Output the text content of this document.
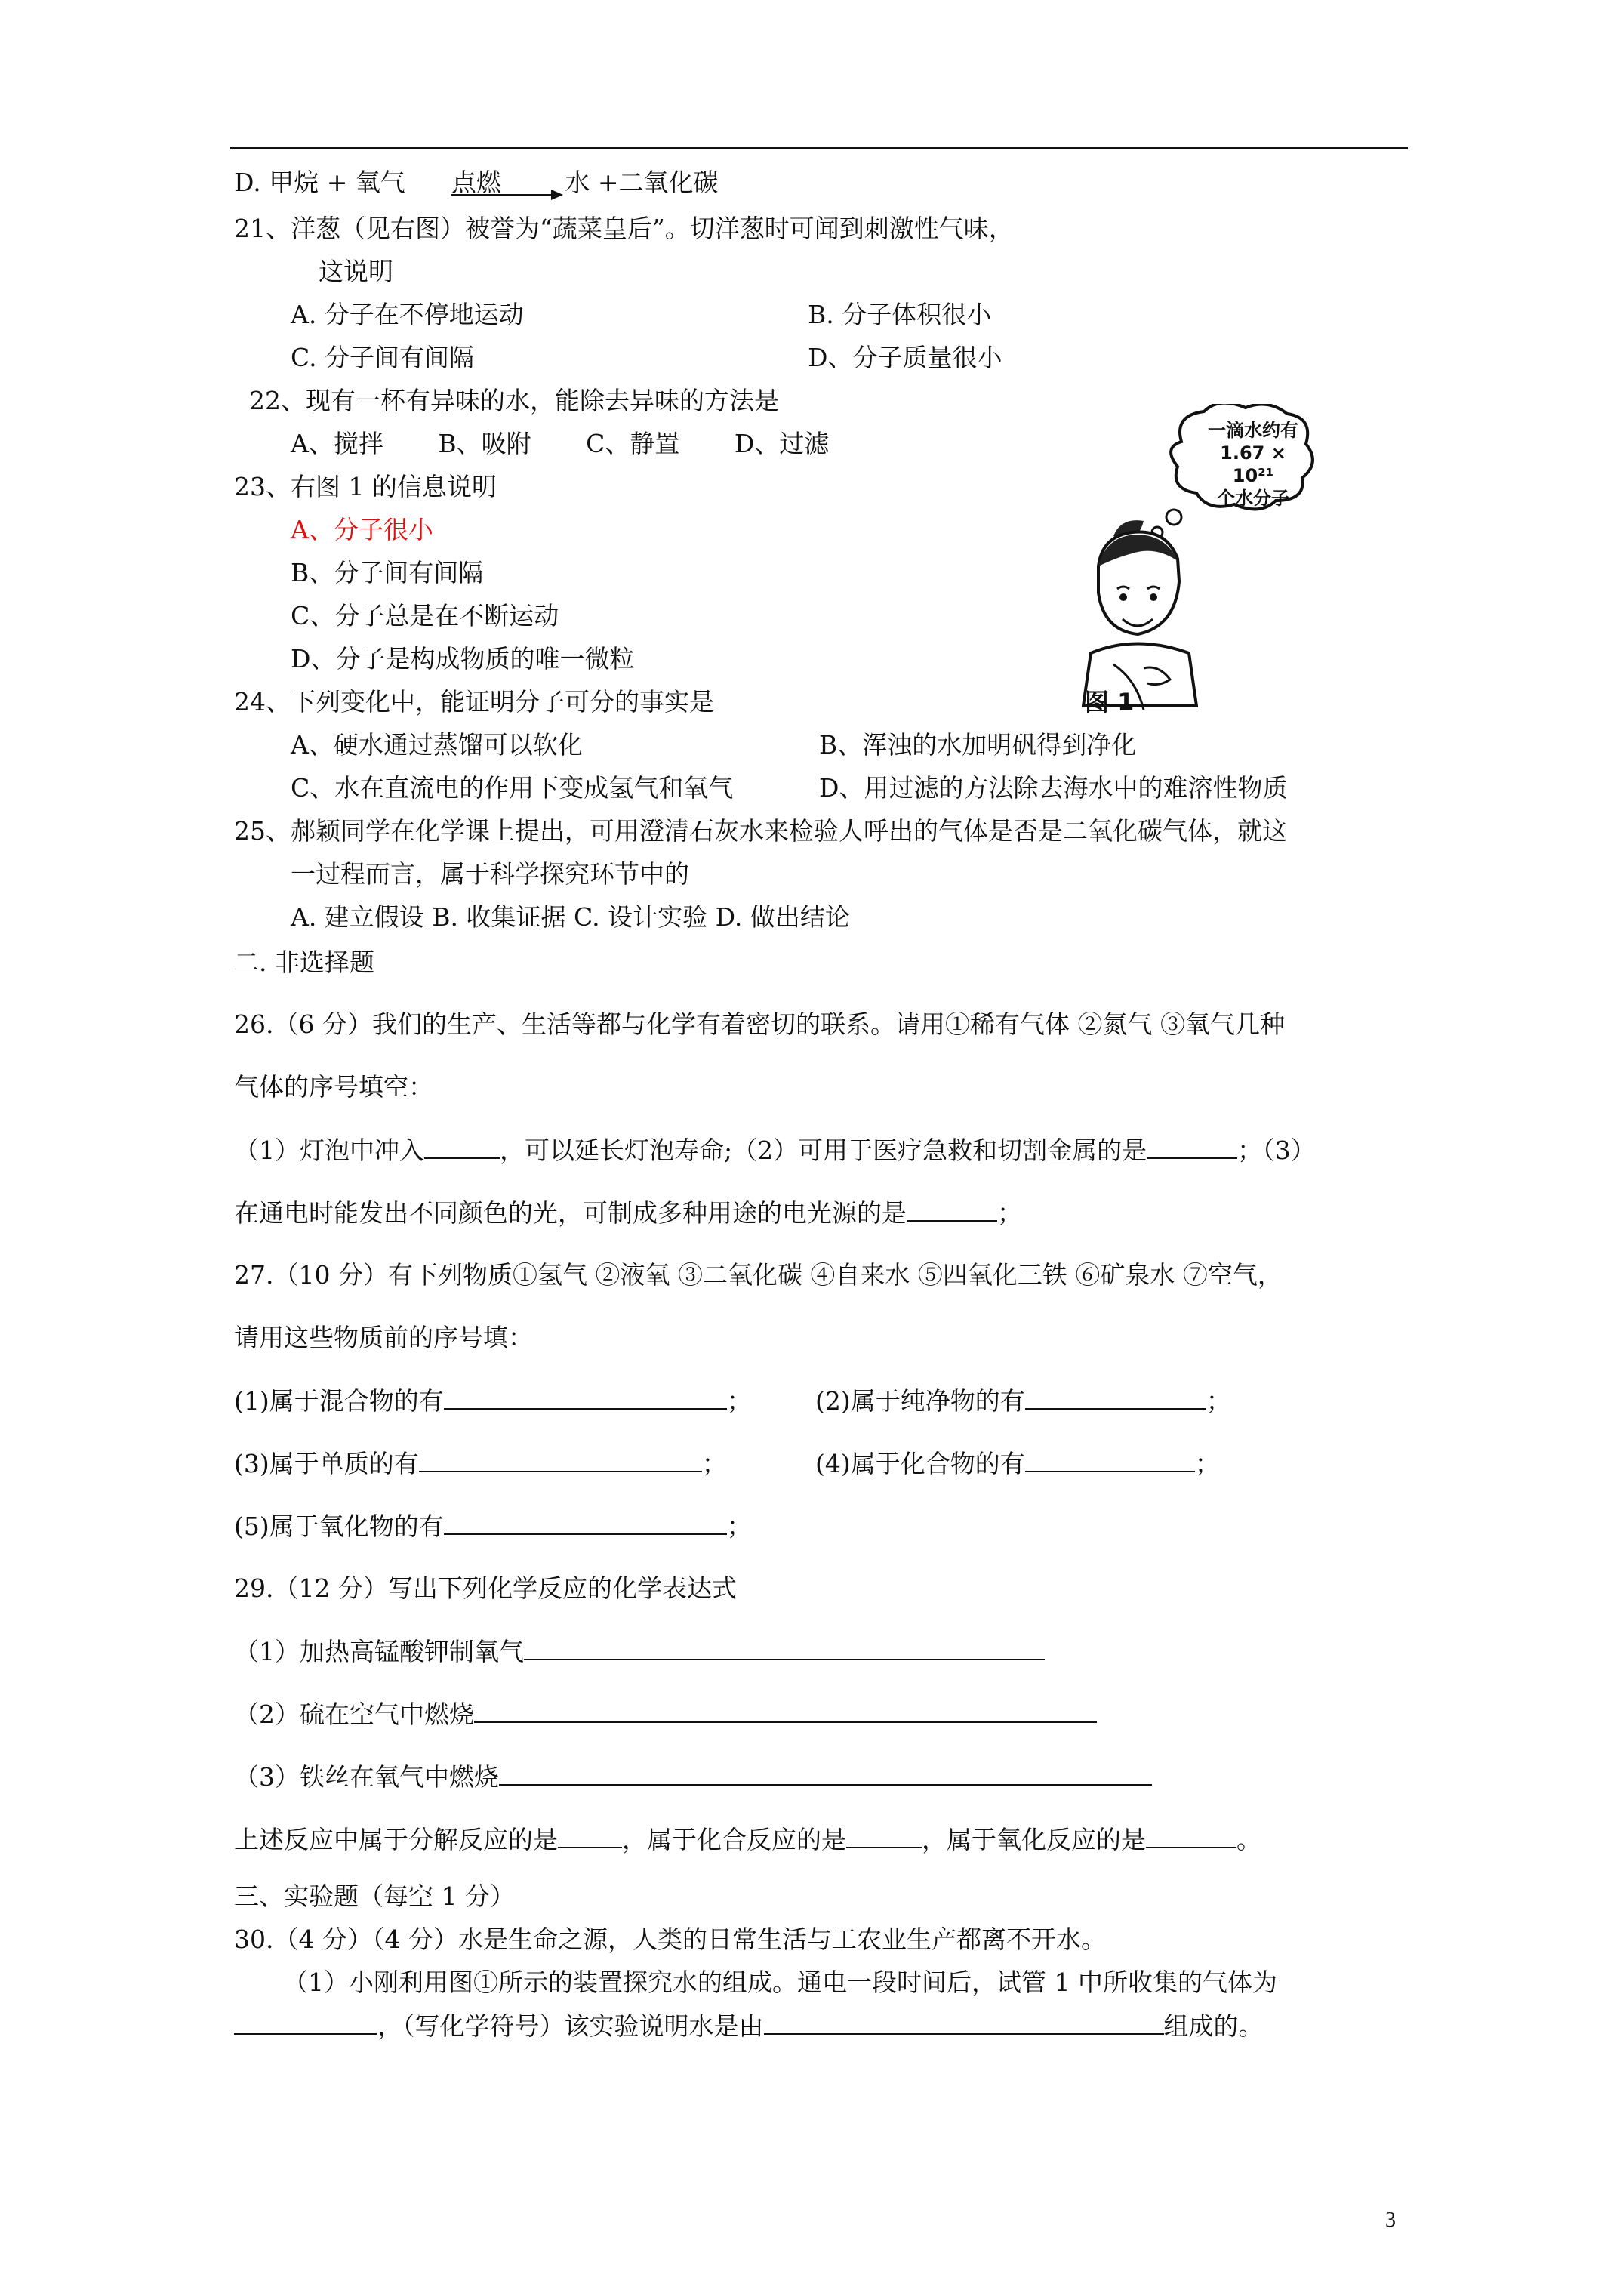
D. 甲烷 + 氧气 点燃	水 +二氧化碳
21、洋葱（见右图）被誉为“蔬菜皇后”。切洋葱时可闻到刺激性气味，
这说明
A. 分子在不停地运动	B. 分子体积很小
C. 分子间有间隔	D、分子质量很小
22、现有一杯有异味的水，能除去异味的方法是
A、搅拌 B、吸附 C、静置 D、过滤
23、右图 1 的信息说明
A、分子很小
B、分子间有间隔
C、分子总是在不断运动
D、分子是构成物质的唯一微粒
一滴水约有
1.67 × 10²¹
个水分子
图 1
24、下列变化中，能证明分子可分的事实是
A、硬水通过蒸馏可以软化	B、浑浊的水加明矾得到净化
C、水在直流电的作用下变成氢气和氧气	D、用过滤的方法除去海水中的难溶性物质
25、郝颖同学在化学课上提出，可用澄清石灰水来检验人呼出的气体是否是二氧化碳气体，就这
一过程而言，属于科学探究环节中的
A. 建立假设 B. 收集证据 C. 设计实验 D. 做出结论
二. 非选择题
26.（6 分）我们的生产、生活等都与化学有着密切的联系。请用①稀有气体 ②氮气 ③氧气几种
气体的序号填空：
（1）灯泡中冲入	，可以延长灯泡寿命;（2）可用于医疗急救和切割金属的是	；（3）
在通电时能发出不同颜色的光，可制成多种用途的电光源的是	；
27.（10 分）有下列物质①氢气 ②液氧 ③二氧化碳 ④自来水 ⑤四氧化三铁 ⑥矿泉水 ⑦空气，
请用这些物质前的序号填：
(1)属于混合物的有	；	(2)属于纯净物的有	；
(3)属于单质的有	；	(4)属于化合物的有	；
(5)属于氧化物的有	；
29.（12 分）写出下列化学反应的化学表达式
（1）加热高锰酸钾制氧气
（2）硫在空气中燃烧
（3）铁丝在氧气中燃烧
上述反应中属于分解反应的是	，属于化合反应的是	，属于氧化反应的是	。
三、实验题（每空 1 分）
30.（4 分）（4 分）水是生命之源，人类的日常生活与工农业生产都离不开水。
（1）小刚利用图①所示的装置探究水的组成。通电一段时间后，试管 1 中所收集的气体为
，（写化学符号）该实验说明水是由	组成的。
3
